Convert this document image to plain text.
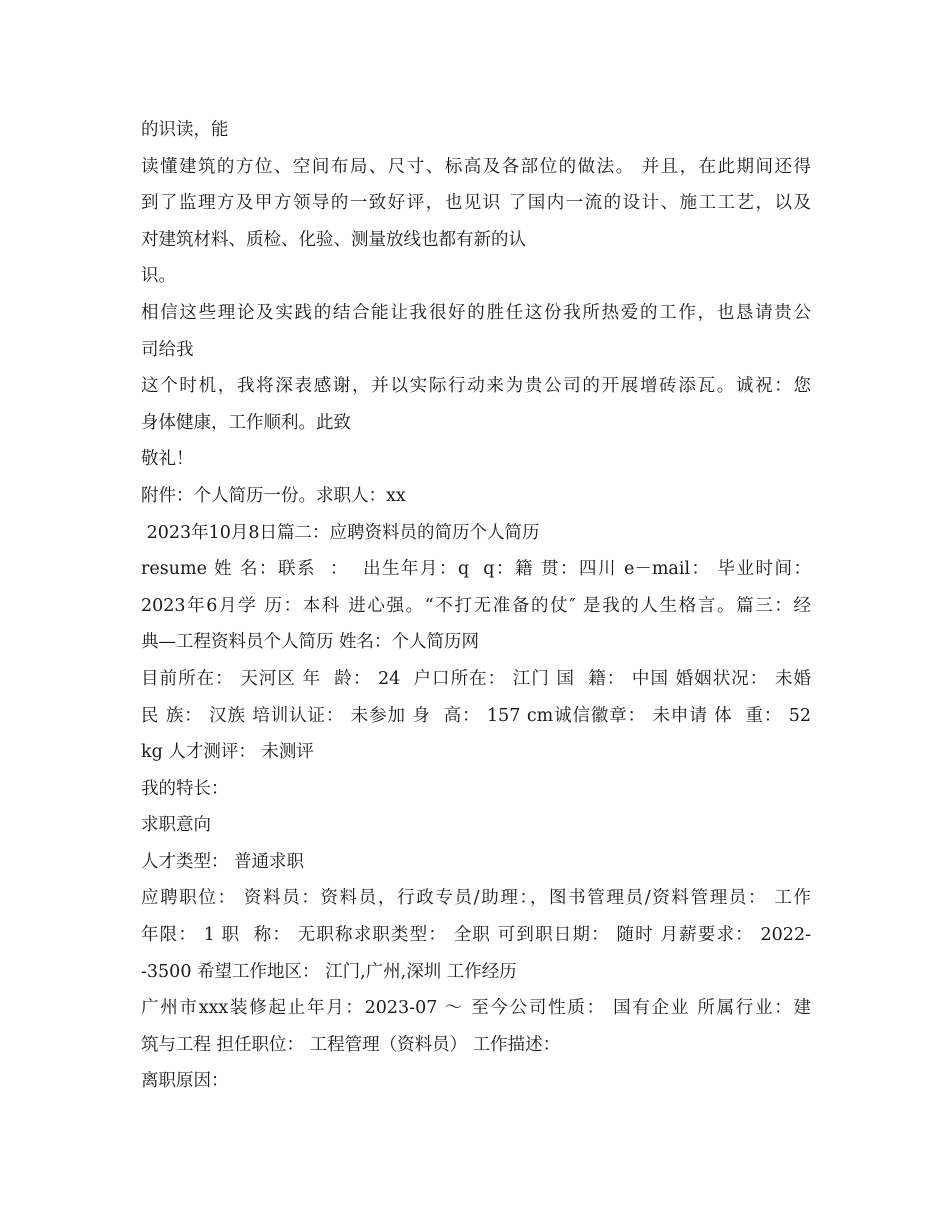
的识读，能
读懂建筑的方位、空间布局、尺寸、标高及各部位的做法。 并且，在此期间还得
到了监理方及甲方领导的一致好评，也见识 了国内一流的设计、施工工艺，以及
对建筑材料、质检、化验、测量放线也都有新的认
识。
相信这些理论及实践的结合能让我很好的胜任这份我所热爱的工作，也恳请贵公
司给我
这个时机，我将深表感谢，并以实际行动来为贵公司的开展增砖添瓦。诚祝：您
身体健康，工作顺利。此致
敬礼！
附件：个人简历一份。求职人：xx
2023年10月8日篇二：应聘资料员的简历个人简历
resume 姓 名：联系  ：  出生年月：q  q：籍 贯：四川 e－mail： 毕业时间：
2023年6月学 历：本科 进心强。“不打无准备的仗″ 是我的人生格言。篇三：经
典—工程资料员个人简历 姓名：个人简历网
目前所在： 天河区 年  龄： 24  户口所在： 江门 国  籍： 中国 婚姻状况： 未婚
民 族： 汉族 培训认证： 未参加 身  高： 157 cm诚信徽章： 未申请 体  重： 52
kg 人才测评： 未测评
我的特长：
求职意向
人才类型： 普通求职
应聘职位： 资料员：资料员，行政专员/助理：，图书管理员/资料管理员： 工作
年限： 1 职  称： 无职称求职类型： 全职 可到职日期： 随时 月薪要求： 2022-
-3500 希望工作地区： 江门,广州,深圳 工作经历
广州市xxx装修起止年月：2023-07 ～ 至今公司性质： 国有企业 所属行业：建
筑与工程 担任职位： 工程管理（资料员） 工作描述：
离职原因：
